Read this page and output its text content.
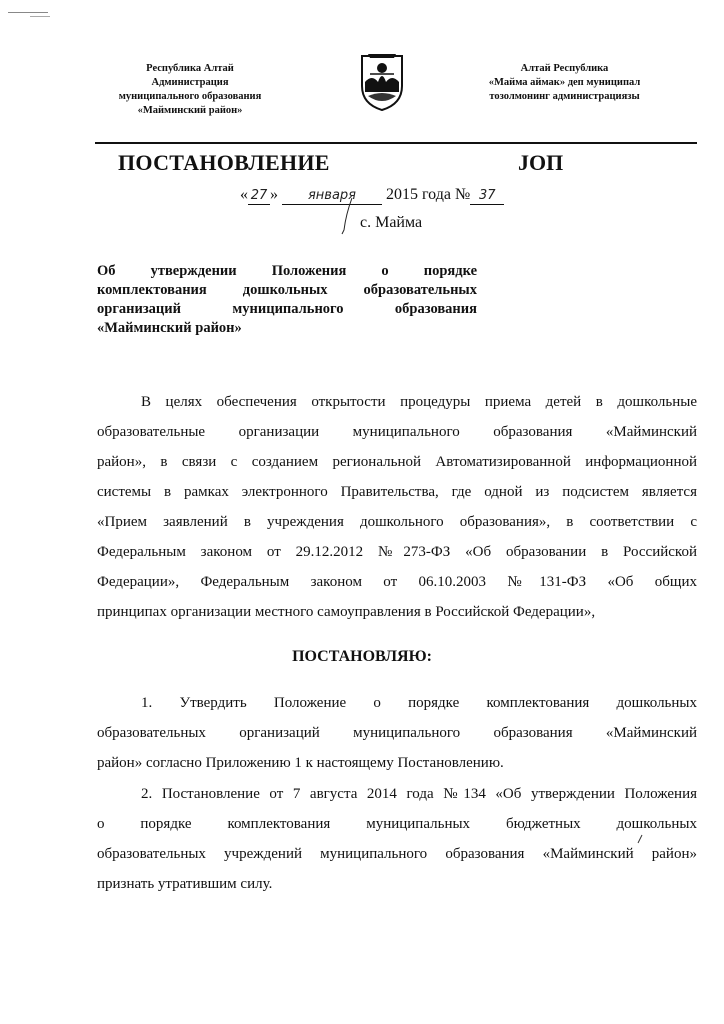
Республика Алтай
Администрация
муниципального образования
«Майминский район»
Алтай Республика
«Майма аймак» деп муниципал
тозолмонинг администрациязы
ПОСТАНОВЛЕНИЕ	ЈОП
« 27 » января 2015 года № 37
с. Майма
Об утверждении Положения о порядке
комплектования дошкольных образовательных
организаций муниципального образования
«Майминский район»
В целях обеспечения открытости процедуры приема детей в дошкольные
образовательные организации муниципального образования «Майминский
район», в связи с созданием региональной Автоматизированной информационной
системы в рамках электронного Правительства, где одной из подсистем является
«Прием заявлений в учреждения дошкольного образования», в соответствии с
Федеральным законом от 29.12.2012 №273-ФЗ «Об образовании в Российской
Федерации», Федеральным законом от 06.10.2003 №131-ФЗ «Об общих
принципах организации местного самоуправления в Российской Федерации»,
ПОСТАНОВЛЯЮ:
1. Утвердить Положение о порядке комплектования дошкольных
образовательных организаций муниципального образования «Майминский
район» согласно Приложению 1 к настоящему Постановлению.
2. Постановление от 7 августа 2014 года №134 «Об утверждении Положения
о порядке комплектования муниципальных бюджетных дошкольных
образовательных учреждений муниципального образования «Майминский район»
признать утратившим силу.
